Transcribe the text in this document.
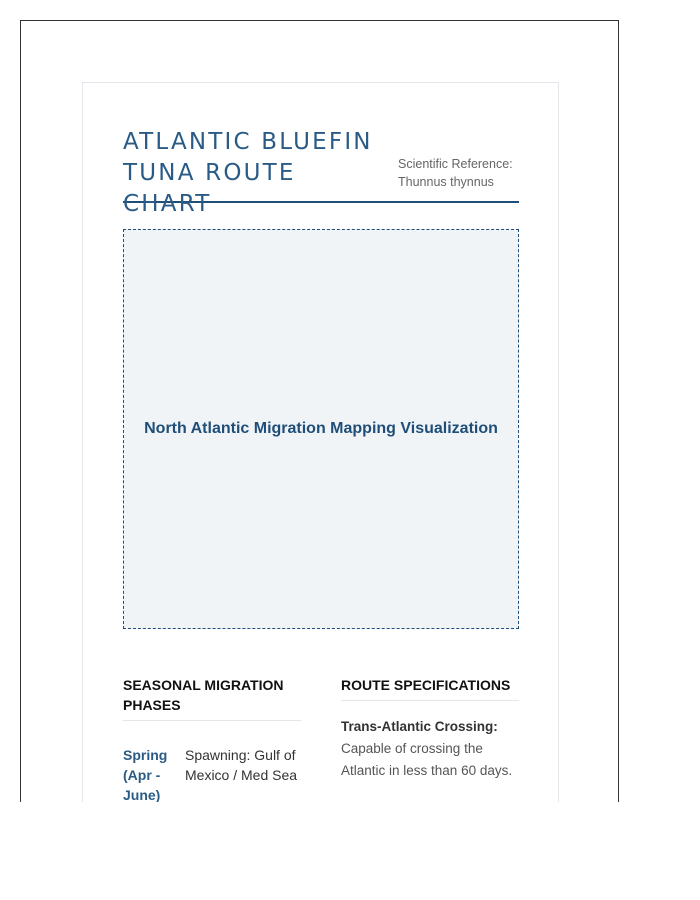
ATLANTIC BLUEFIN
TUNA ROUTE CHART
Scientific Reference:
Thunnus thynnus
North Atlantic Migration Mapping Visualization
SEASONAL MIGRATION PHASES
Spring (Apr - June)
Spawning: Gulf of Mexico / Med Sea
ROUTE SPECIFICATIONS
Trans-Atlantic Crossing:
Capable of crossing the Atlantic in less than 60 days.
